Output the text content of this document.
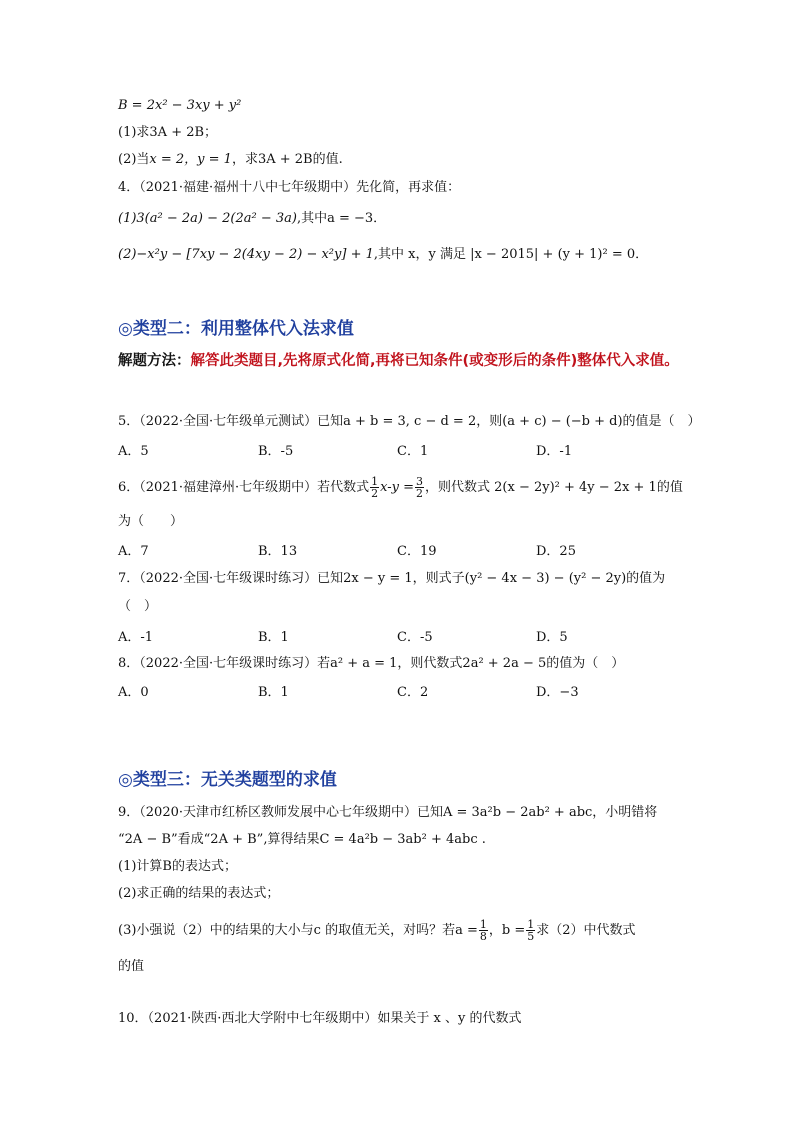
B = 2x² − 3xy + y²
(1)求3A + 2B；
(2)当x = 2，y = 1，求3A + 2B的值.
4．（2021·福建·福州十八中七年级期中）先化简，再求值：
(1)3(a² − 2a) − 2(2a² − 3a),其中a = −3．
(2)−x²y − [7xy − 2(4xy − 2) − x²y] + 1,其中 x，y 满足 |x − 2015| + (y + 1)² = 0．
◎类型二：利用整体代入法求值
解题方法：解答此类题目,先将原式化简,再将已知条件(或变形后的条件)整体代入求值。
5．（2022·全国·七年级单元测试）已知a + b = 3, c − d = 2，则(a + c) − (−b + d)的值是（　）
A．5	B．-5	C．1	D．-1
6．（2021·福建漳州·七年级期中）若代数式 $\frac{1}{2} x-y = \frac{3}{2}$ ，则代数式 2(x − 2y)² + 4y − 2x + 1的值
为（　　）
A．7	B．13	C．19	D．25
7．（2022·全国·七年级课时练习）已知2x − y = 1，则式子(y² − 4x − 3) − (y² − 2y)的值为
（　）
A．-1	B．1	C．-5	D．5
8．（2022·全国·七年级课时练习）若a² + a = 1，则代数式2a² + 2a − 5的值为（　）
A．0	B．1	C．2	D．−3
◎类型三：无关类题型的求值
9．（2020·天津市红桥区教师发展中心七年级期中）已知A = 3a²b − 2ab² + abc，小明错将
“2A − B”看成“2A + B”,算得结果C = 4a²b − 3ab² + 4abc .
(1)计算B的表达式；
(2)求正确的结果的表达式；
(3)小强说（2）中的结果的大小与c 的取值无关，对吗？若$a = \frac{1}{8}$ ，$b = \frac{1}{5}$ 求（2）中代数式
的值
10．（2021·陕西·西北大学附中七年级期中）如果关于 x 、y 的代数式
